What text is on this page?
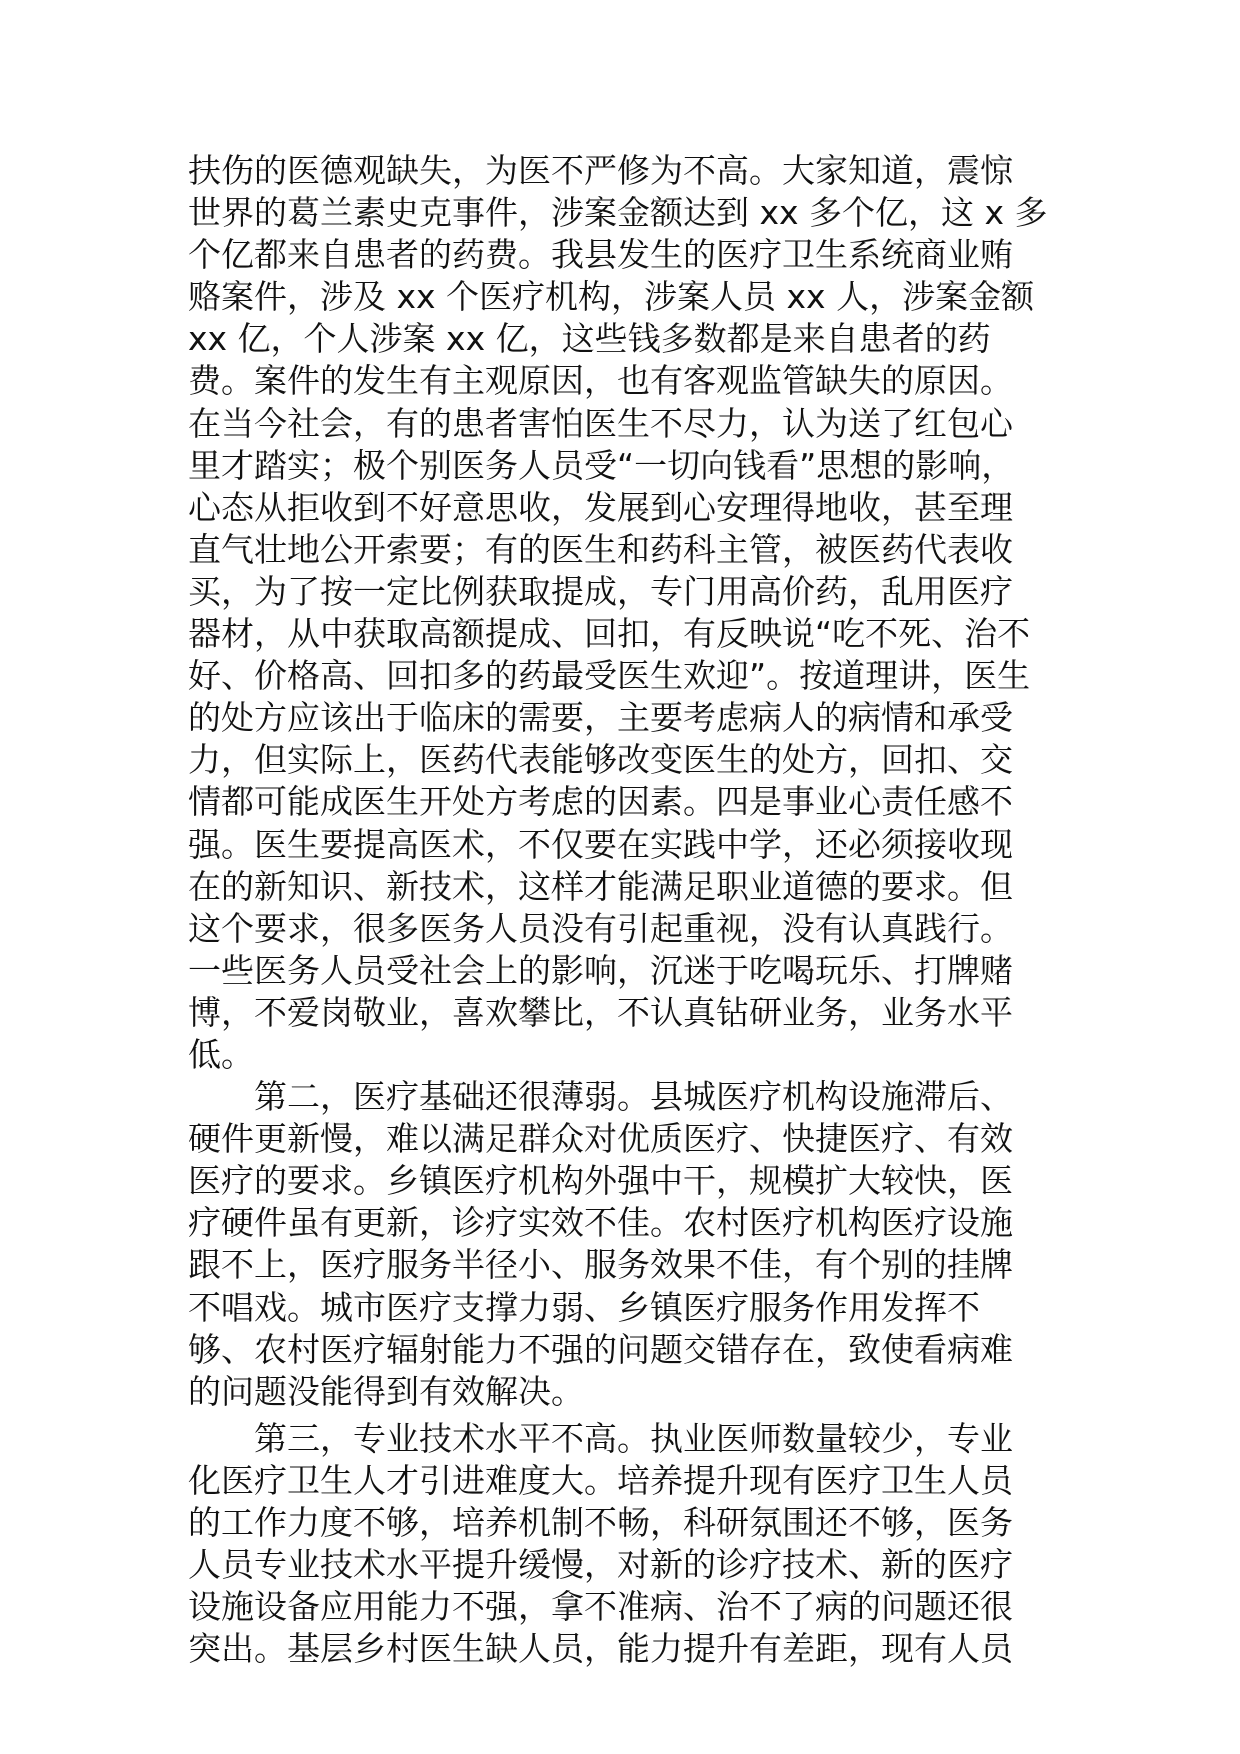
扶伤的医德观缺失，为医不严修为不高。大家知道，震惊
世界的葛兰素史克事件，涉案金额达到 xx 多个亿，这 x 多
个亿都来自患者的药费。我县发生的医疗卫生系统商业贿
赂案件，涉及 xx 个医疗机构，涉案人员 xx 人，涉案金额
xx 亿，个人涉案 xx 亿，这些钱多数都是来自患者的药
费。案件的发生有主观原因，也有客观监管缺失的原因。
在当今社会，有的患者害怕医生不尽力，认为送了红包心
里才踏实；极个别医务人员受“一切向钱看”思想的影响，
心态从拒收到不好意思收，发展到心安理得地收，甚至理
直气壮地公开索要；有的医生和药科主管，被医药代表收
买，为了按一定比例获取提成，专门用高价药，乱用医疗
器材，从中获取高额提成、回扣，有反映说“吃不死、治不
好、价格高、回扣多的药最受医生欢迎”。按道理讲，医生
的处方应该出于临床的需要，主要考虑病人的病情和承受
力，但实际上，医药代表能够改变医生的处方，回扣、交
情都可能成医生开处方考虑的因素。四是事业心责任感不
强。医生要提高医术，不仅要在实践中学，还必须接收现
在的新知识、新技术，这样才能满足职业道德的要求。但
这个要求，很多医务人员没有引起重视，没有认真践行。
一些医务人员受社会上的影响，沉迷于吃喝玩乐、打牌赌
博，不爱岗敬业，喜欢攀比，不认真钻研业务，业务水平
低。
第二，医疗基础还很薄弱。县城医疗机构设施滞后、
硬件更新慢，难以满足群众对优质医疗、快捷医疗、有效
医疗的要求。乡镇医疗机构外强中干，规模扩大较快，医
疗硬件虽有更新，诊疗实效不佳。农村医疗机构医疗设施
跟不上，医疗服务半径小、服务效果不佳，有个别的挂牌
不唱戏。城市医疗支撑力弱、乡镇医疗服务作用发挥不
够、农村医疗辐射能力不强的问题交错存在，致使看病难
的问题没能得到有效解决。
第三，专业技术水平不高。执业医师数量较少，专业
化医疗卫生人才引进难度大。培养提升现有医疗卫生人员
的工作力度不够，培养机制不畅，科研氛围还不够，医务
人员专业技术水平提升缓慢，对新的诊疗技术、新的医疗
设施设备应用能力不强，拿不准病、治不了病的问题还很
突出。基层乡村医生缺人员，能力提升有差距，现有人员
